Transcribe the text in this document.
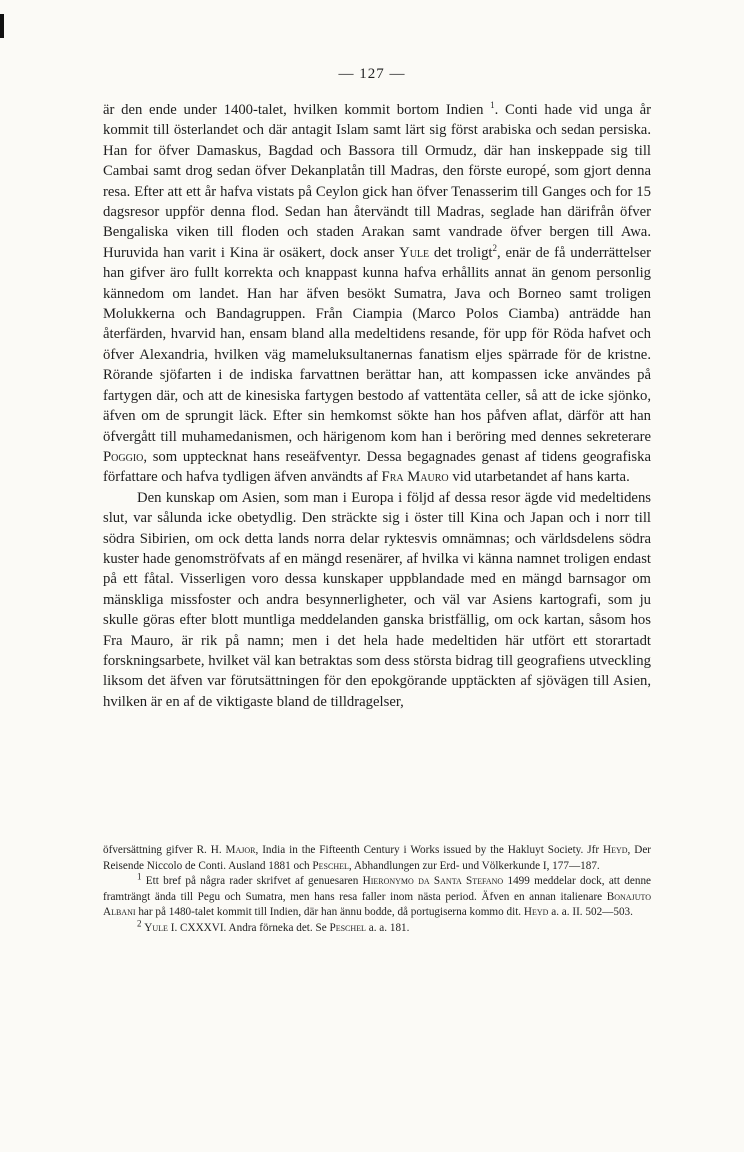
— 127 —

är den ende under 1400-talet, hvilken kommit bortom Indien $^1$. Conti hade vid unga år kommit till österlandet och där antagit Islam samt lärt sig först arabiska och sedan persiska. Han for öfver Damaskus, Bagdad och Bassora till Ormudz, där han inskeppade sig till Cambai samt drog sedan öfver Dekanplatån till Madras, den förste europé, som gjort denna resa. Efter att ett år hafva vistats på Ceylon gick han öfver Tenasserim till Ganges och for 15 dagsresor uppför denna flod. Sedan han återvändt till Madras, seglade han därifrån öfver Bengaliska viken till floden och staden Arakan samt vandrade öfver bergen till Awa. Huruvida han varit i Kina är osäkert, dock anser Yule det troligt$^2$, enär de få underrättelser han gifver äro fullt korrekta och knappast kunna hafva erhållits annat än genom personlig kännedom om landet. Han har äfven besökt Sumatra, Java och Borneo samt troligen Molukkerna och Bandagruppen. Från Ciampia (Marco Polos Ciamba) anträdde han återfärden, hvarvid han, ensam bland alla medeltidens resande, för upp för Röda hafvet och öfver Alexandria, hvilken väg mameluksultanernas fanatism eljes spärrade för de kristne. Rörande sjöfarten i de indiska farvattnen berättar han, att kompassen icke användes på fartygen där, och att de kinesiska fartygen bestodo af vattentäta celler, så att de icke sjönko, äfven om de sprungit läck. Efter sin hemkomst sökte han hos påfven aflat, därför att han öfvergått till muhamedanismen, och härigenom kom han i beröring med dennes sekreterare Poggio, som upptecknat hans reseäfventyr. Dessa begagnades genast af tidens geografiska författare och hafva tydligen äfven användts af Fra Mauro vid utarbetandet af hans karta.

Den kunskap om Asien, som man i Europa i följd af dessa resor ägde vid medeltidens slut, var sålunda icke obetydlig. Den sträckte sig i öster till Kina och Japan och i norr till södra Sibirien, om ock detta lands norra delar ryktesvis omnämnas; och världsdelens södra kuster hade genomströfvats af en mängd resenärer, af hvilka vi känna namnet troligen endast på ett fåtal. Visserligen voro dessa kunskaper uppblandade med en mängd barnsagor om mänskliga missfoster och andra besynnerligheter, och väl var Asiens kartografi, som ju skulle göras efter blott muntliga meddelanden ganska bristfällig, om ock kartan, såsom hos Fra Mauro, är rik på namn; men i det hela hade medeltiden här utfört ett storartadt forskningsarbete, hvilket väl kan betraktas som dess största bidrag till geografiens utveckling liksom det äfven var förutsättningen för den epokgörande upptäckten af sjövägen till Asien, hvilken är en af de viktigaste bland de tilldragelser,

öfversättning gifver R. H. Major, India in the Fifteenth Century i Works issued by the Hakluyt Society. Jfr Heyd, Der Reisende Niccolo de Conti. Ausland 1881 och Peschel, Abhandlungen zur Erd- und Völkerkunde I, 177—187.

$^1$ Ett bref på några rader skrifvet af genuesaren Hieronymo da Santa Stefano 1499 meddelar dock, att denne framträngt ända till Pegu och Sumatra, men hans resa faller inom nästa period. Äfven en annan italienare Bonajuto Albani har på 1480-talet kommit till Indien, där han ännu bodde, då portugiserna kommo dit. Heyd a. a. II. 502—503.

$^2$ Yule I. CXXXVI. Andra förneka det. Se Peschel a. a. 181.
